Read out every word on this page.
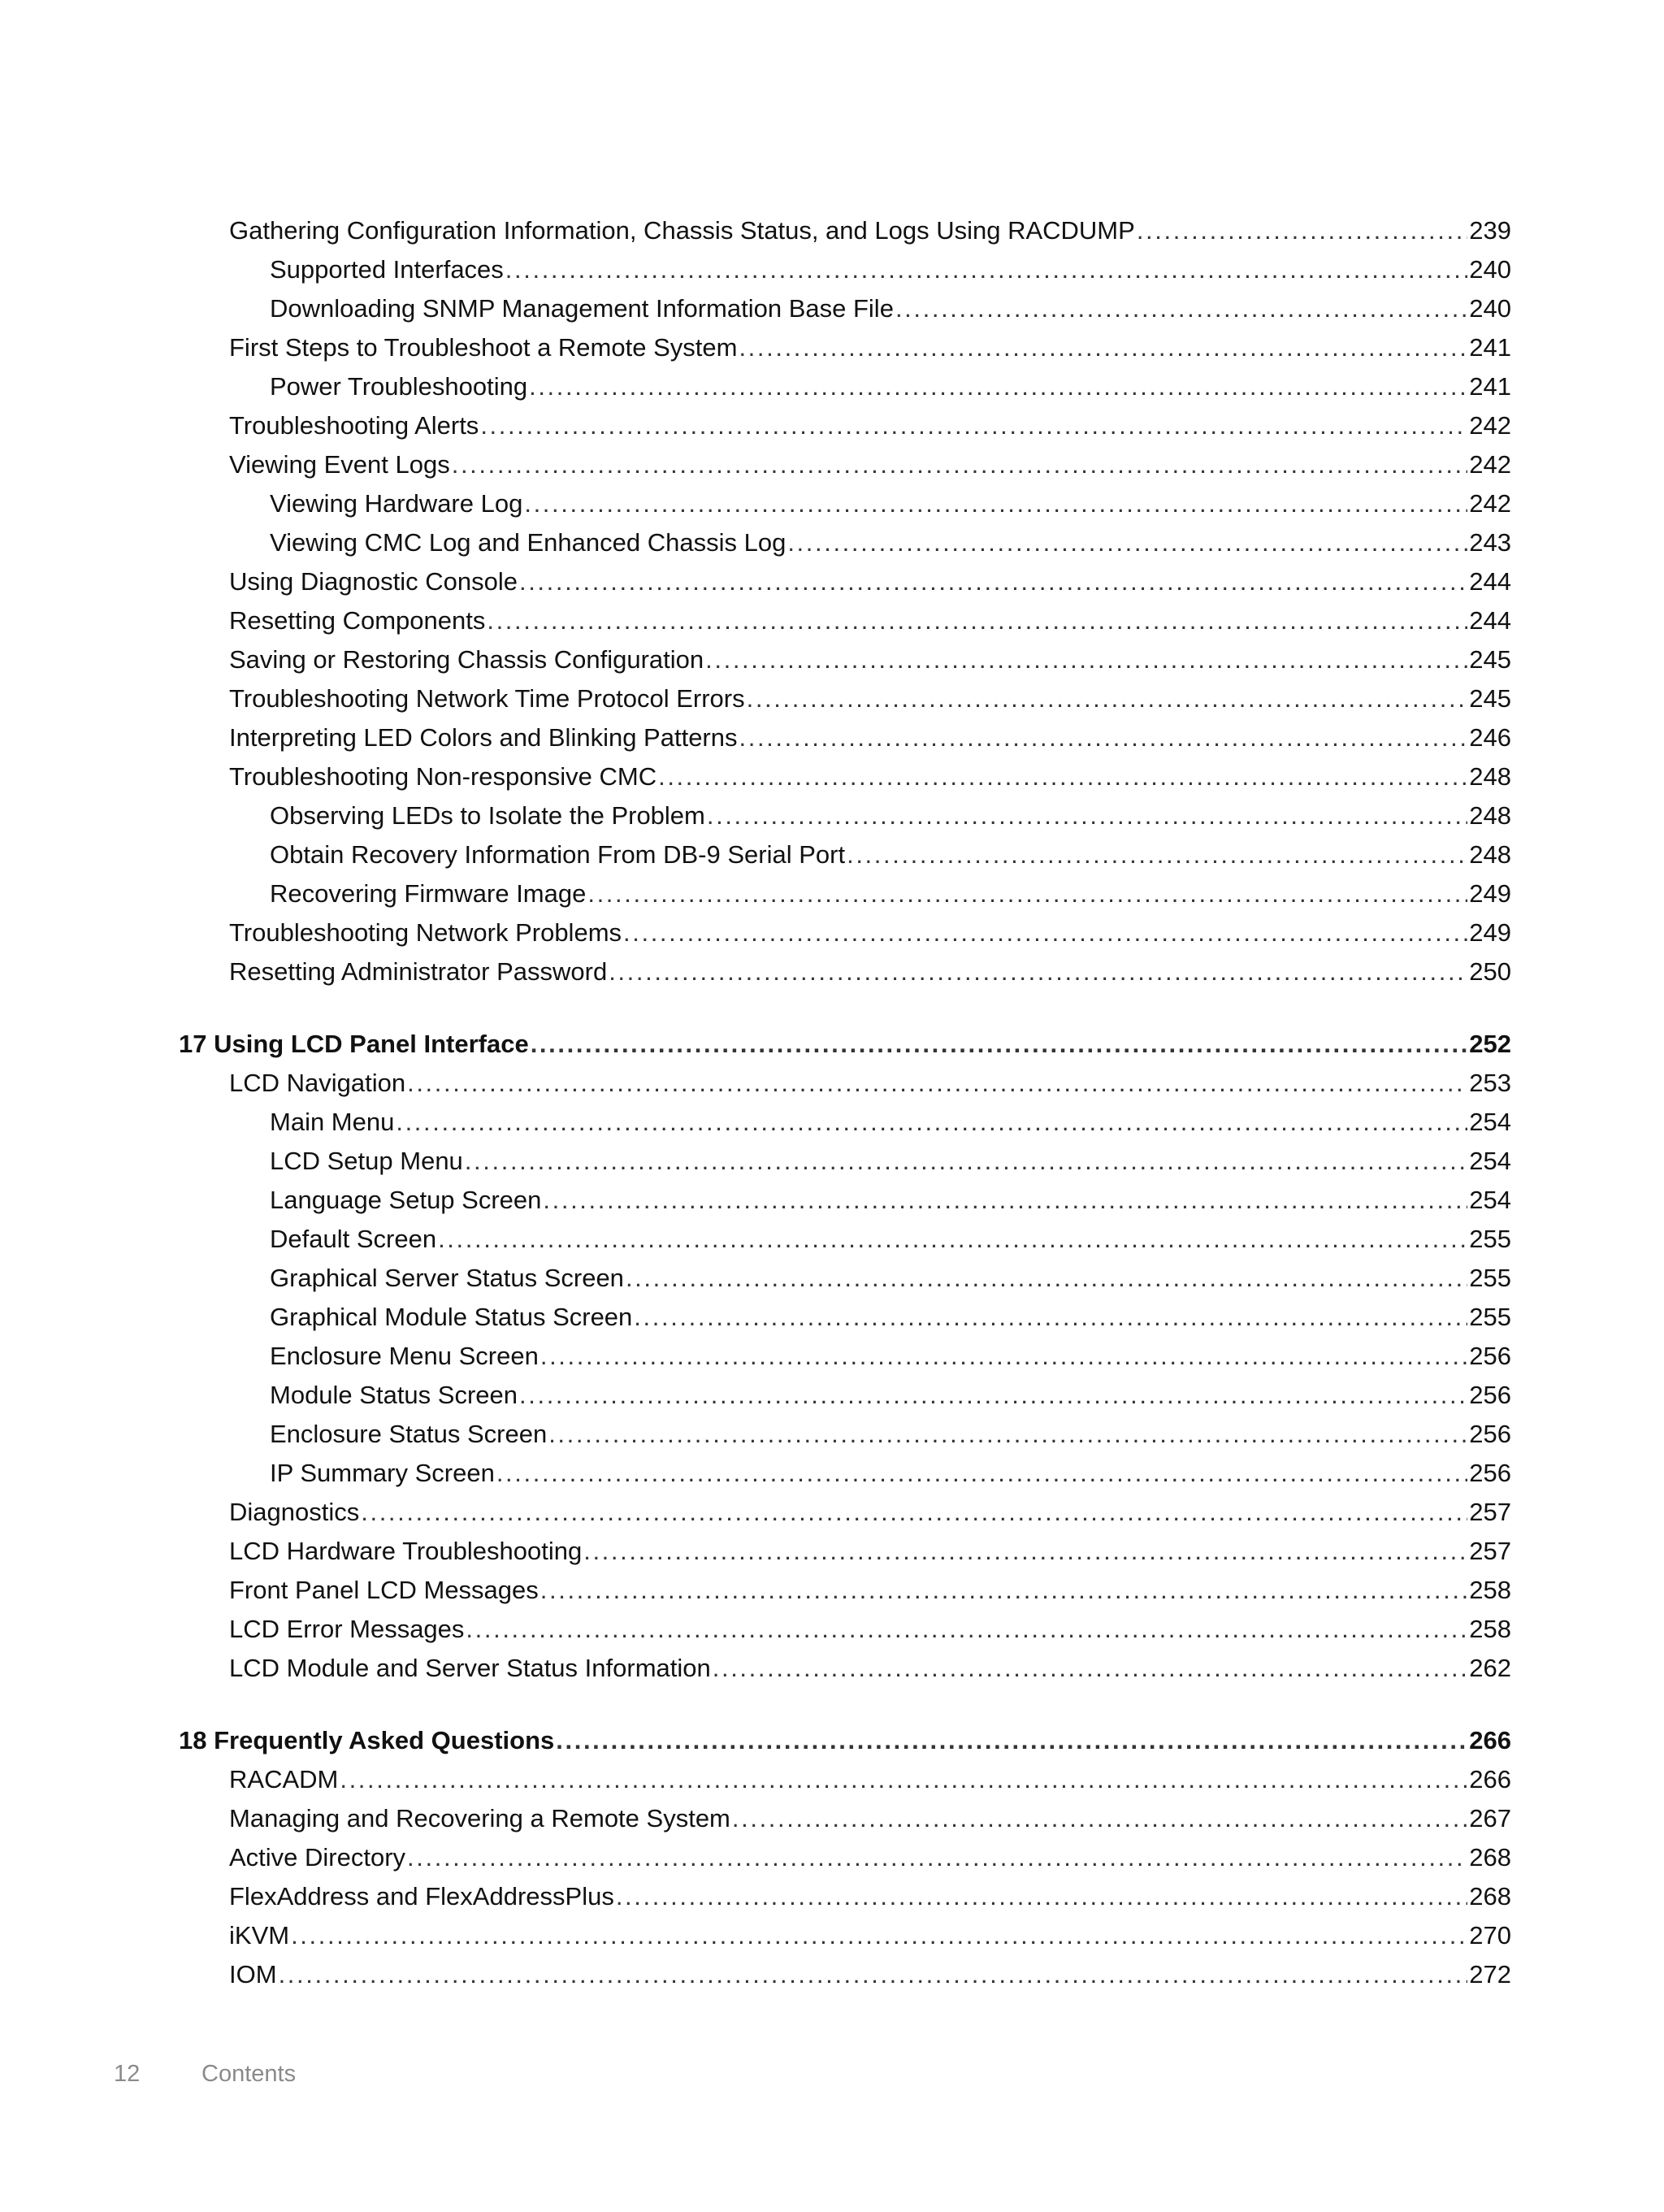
Gathering Configuration Information, Chassis Status, and Logs Using RACDUMP . . .	239
Supported Interfaces . . .	240
Downloading SNMP Management Information Base File . . .	240
First Steps to Troubleshoot a Remote System . . .	241
Power Troubleshooting . . .	241
Troubleshooting Alerts . . .	242
Viewing Event Logs . . .	242
Viewing Hardware Log . . .	242
Viewing CMC Log and Enhanced Chassis Log . . .	243
Using Diagnostic Console . . .	244
Resetting Components . . .	244
Saving or Restoring Chassis Configuration . . .	245
Troubleshooting Network Time Protocol Errors . . .	245
Interpreting LED Colors and Blinking Patterns . . .	246
Troubleshooting Non-responsive CMC . . .	248
Observing LEDs to Isolate the Problem . . .	248
Obtain Recovery Information From DB-9 Serial Port . . .	248
Recovering Firmware Image . . .	249
Troubleshooting Network Problems . . .	249
Resetting Administrator Password . . .	250
17 Using LCD Panel Interface . . .	252
LCD Navigation . . .	253
Main Menu . . .	254
LCD Setup Menu . . .	254
Language Setup Screen . . .	254
Default Screen . . .	255
Graphical Server Status Screen . . .	255
Graphical Module Status Screen . . .	255
Enclosure Menu Screen . . .	256
Module Status Screen . . .	256
Enclosure Status Screen . . .	256
IP Summary Screen . . .	256
Diagnostics . . .	257
LCD Hardware Troubleshooting . . .	257
Front Panel LCD Messages . . .	258
LCD Error Messages . . .	258
LCD Module and Server Status Information . . .	262
18 Frequently Asked Questions . . .	266
RACADM . . .	266
Managing and Recovering a Remote System . . .	267
Active Directory . . .	268
FlexAddress and FlexAddressPlus . . .	268
iKVM . . .	270
IOM . . .	272
12	Contents
